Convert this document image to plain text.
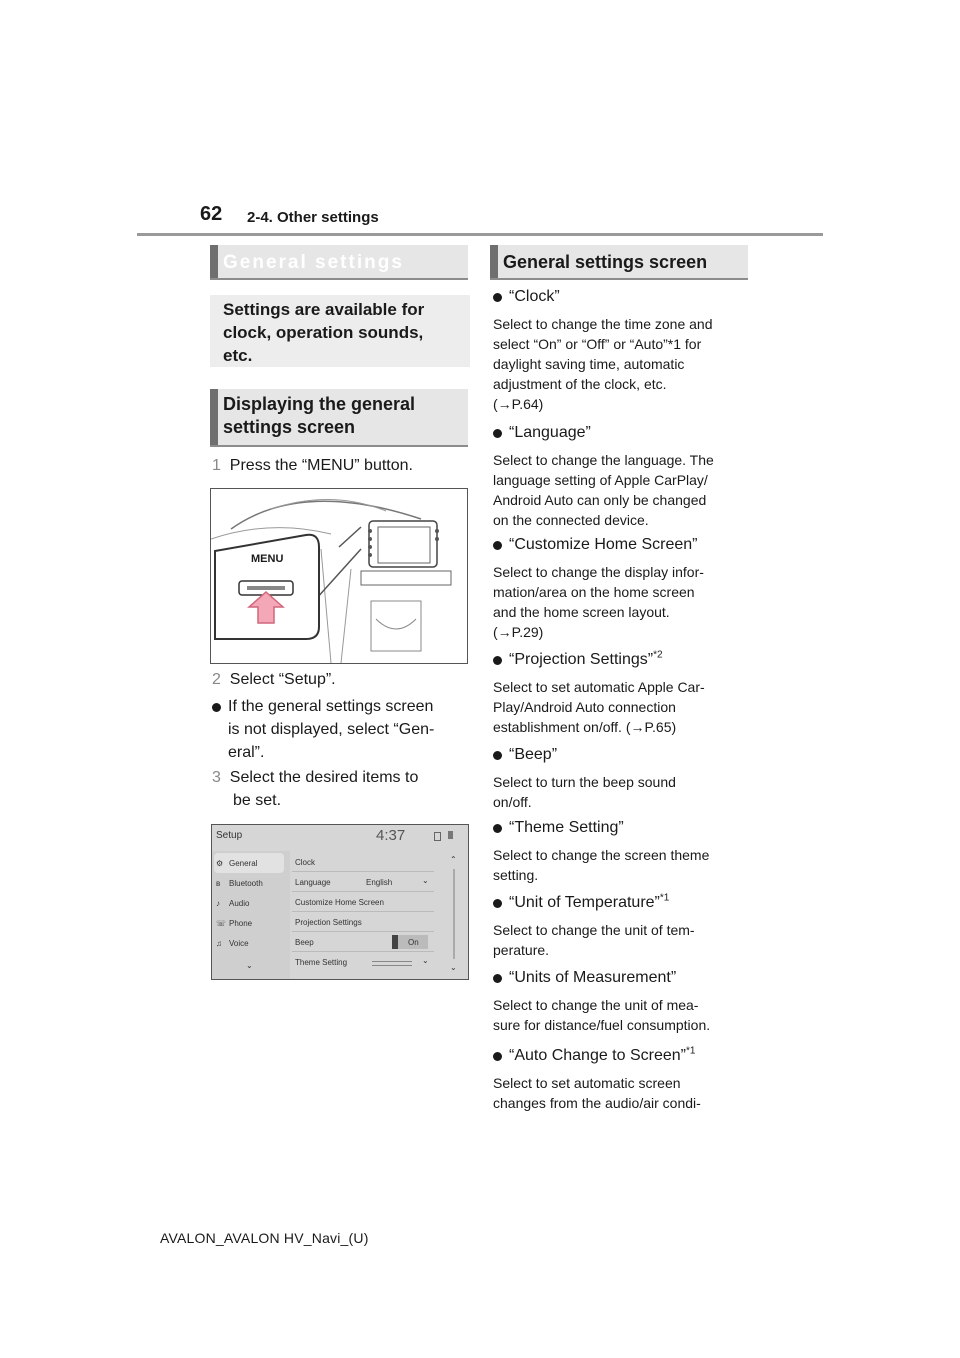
62 2-4. Other settings
General settings

Settings are available for

clock, operation sounds,

etc.

Displaying the general
settings screen
1 Press the “MENU” button.
MENU
2 Select “Setup”.
If the general settings screen
is not displayed, select “Gen-
eral”.
3 Select the desired items to
be set.
Setup	4:37
General
Bluetooth
Audio
Phone
Voice
⚙
ʙ
♪
☏
♫
⌄
Clock
Language	English	⌄
Customize Home Screen
Projection Settings
Beep	On
Theme Setting	⌄
⌃
⌄
General settings screen
“Clock”
Select to change the time zone and
select “On” or “Off” or “Auto”*1 for
daylight saving time, automatic
adjustment of the clock, etc.
(→P.64)
“Language”
Select to change the language. The
language setting of Apple CarPlay/
Android Auto can only be changed
on the connected device.
“Customize Home Screen”
Select to change the display infor-
mation/area on the home screen
and the home screen layout.
(→P.29)
“Projection Settings”$^{*2}$
Select to set automatic Apple Car-
Play/Android Auto connection
establishment on/off. (→P.65)
“Beep”
Select to turn the beep sound
on/off.
“Theme Setting”
Select to change the screen theme
setting.
“Unit of Temperature”$^{*1}$
Select to change the unit of tem-
perature.
“Units of Measurement”
Select to change the unit of mea-
sure for distance/fuel consumption.
“Auto Change to Screen”$^{*1}$
Select to set automatic screen
changes from the audio/air condi-
AVALON_AVALON HV_Navi_(U)
